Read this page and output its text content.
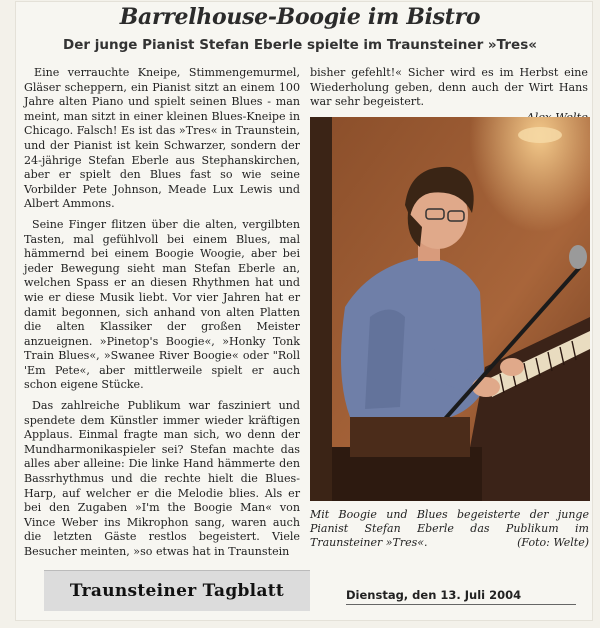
Barrelhouse-Boogie im Bistro
Der junge Pianist Stefan Eberle spielte im Traunsteiner »Tres«

Eine verrauchte Kneipe, Stimmengemurmel, Gläser scheppern, ein Pianist sitzt an einem 100 Jahre alten Piano und spielt seinen Blues - man meint, man sitzt in einer kleinen Blues-Kneipe in Chicago. Falsch! Es ist das »Tres« in Traunstein, und der Pianist ist kein Schwarzer, sondern der 24-jährige Stefan Eberle aus Stephanskirchen, aber er spielt den Blues fast so wie seine Vorbilder Pete Johnson, Meade Lux Lewis und Albert Ammons.

Seine Finger flitzen über die alten, vergilbten Tasten, mal gefühlvoll bei einem Blues, mal hämmernd bei einem Boogie Woogie, aber bei jeder Bewegung sieht man Stefan Eberle an, welchen Spass er an diesen Rhythmen hat und wie er diese Musik liebt. Vor vier Jahren hat er damit begonnen, sich anhand von alten Platten die alten Klassiker der großen Meister anzueignen. »Pinetop's Boogie«, »Honky Tonk Train Blues«, »Swanee River Boogie« oder "Roll 'Em Pete«, aber mittlerweile spielt er auch schon eigene Stücke.

Das zahlreiche Publikum war fasziniert und spendete dem Künstler immer wieder kräftigen Applaus. Einmal fragte man sich, wo denn der Mundharmonikaspieler sei? Stefan machte das alles aber alleine: Die linke Hand hämmerte den Bassrhythmus und die rechte hielt die Blues-Harp, auf welcher er die Melodie blies. Als er bei den Zugaben »I'm the Boogie Man« von Vince Weber ins Mikrophon sang, waren auch die letzten Gäste restlos begeistert. Viele Besucher meinten, »so etwas hat in Traunstein

bisher gefehlt!« Sicher wird es im Herbst eine Wiederholung geben, denn auch der Wirt Hans war sehr begeistert.
Mit Boogie und Blues begeisterte der junge Pianist Stefan Eberle das Publikum im Traunsteiner »Tres«.	(Foto: Welte)
Traunsteiner Tagblatt	Dienstag, den 13. Juli 2004
